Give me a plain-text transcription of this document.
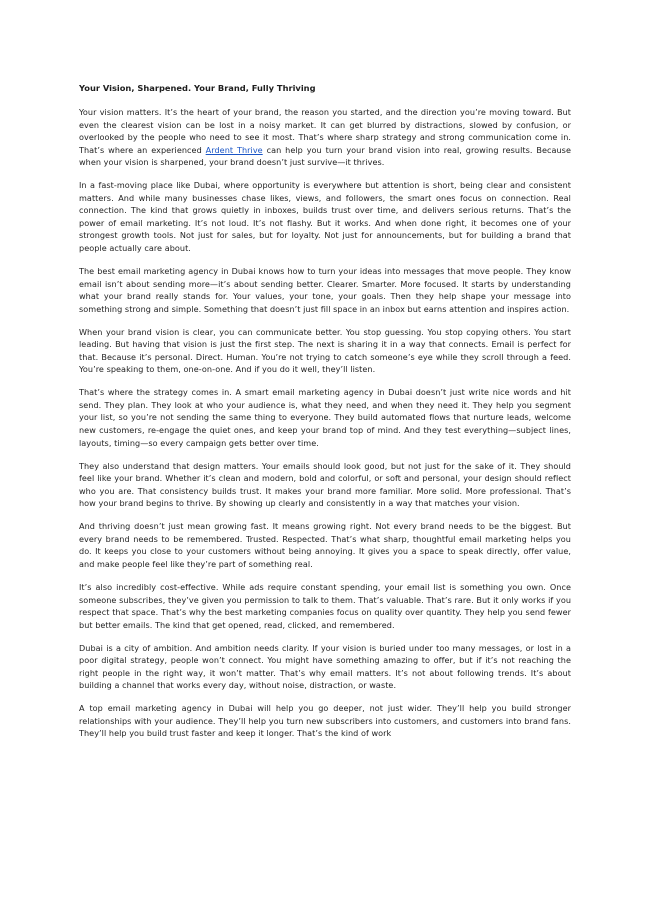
Your Vision, Sharpened. Your Brand, Fully Thriving

Your vision matters. It’s the heart of your brand, the reason you started, and the direction you’re moving toward. But even the clearest vision can be lost in a noisy market. It can get blurred by distractions, slowed by confusion, or overlooked by the people who need to see it most. That’s where sharp strategy and strong communication come in. That’s where an experienced Ardent Thrive can help you turn your brand vision into real, growing results. Because when your vision is sharpened, your brand doesn’t just survive—it thrives.

In a fast-moving place like Dubai, where opportunity is everywhere but attention is short, being clear and consistent matters. And while many businesses chase likes, views, and followers, the smart ones focus on connection. Real connection. The kind that grows quietly in inboxes, builds trust over time, and delivers serious returns. That’s the power of email marketing. It’s not loud. It’s not flashy. But it works. And when done right, it becomes one of your strongest growth tools. Not just for sales, but for loyalty. Not just for announcements, but for building a brand that people actually care about.

The best email marketing agency in Dubai knows how to turn your ideas into messages that move people. They know email isn’t about sending more—it’s about sending better. Clearer. Smarter. More focused. It starts by understanding what your brand really stands for. Your values, your tone, your goals. Then they help shape your message into something strong and simple. Something that doesn’t just fill space in an inbox but earns attention and inspires action.

When your brand vision is clear, you can communicate better. You stop guessing. You stop copying others. You start leading. But having that vision is just the first step. The next is sharing it in a way that connects. Email is perfect for that. Because it’s personal. Direct. Human. You’re not trying to catch someone’s eye while they scroll through a feed. You’re speaking to them, one-on-one. And if you do it well, they’ll listen.

That’s where the strategy comes in. A smart email marketing agency in Dubai doesn’t just write nice words and hit send. They plan. They look at who your audience is, what they need, and when they need it. They help you segment your list, so you’re not sending the same thing to everyone. They build automated flows that nurture leads, welcome new customers, re-engage the quiet ones, and keep your brand top of mind. And they test everything—subject lines, layouts, timing—so every campaign gets better over time.

They also understand that design matters. Your emails should look good, but not just for the sake of it. They should feel like your brand. Whether it’s clean and modern, bold and colorful, or soft and personal, your design should reflect who you are. That consistency builds trust. It makes your brand more familiar. More solid. More professional. That’s how your brand begins to thrive. By showing up clearly and consistently in a way that matches your vision.

And thriving doesn’t just mean growing fast. It means growing right. Not every brand needs to be the biggest. But every brand needs to be remembered. Trusted. Respected. That’s what sharp, thoughtful email marketing helps you do. It keeps you close to your customers without being annoying. It gives you a space to speak directly, offer value, and make people feel like they’re part of something real.

It’s also incredibly cost-effective. While ads require constant spending, your email list is something you own. Once someone subscribes, they’ve given you permission to talk to them. That’s valuable. That’s rare. But it only works if you respect that space. That’s why the best marketing companies focus on quality over quantity. They help you send fewer but better emails. The kind that get opened, read, clicked, and remembered.

Dubai is a city of ambition. And ambition needs clarity. If your vision is buried under too many messages, or lost in a poor digital strategy, people won’t connect. You might have something amazing to offer, but if it’s not reaching the right people in the right way, it won’t matter. That’s why email matters. It’s not about following trends. It’s about building a channel that works every day, without noise, distraction, or waste.

A top email marketing agency in Dubai will help you go deeper, not just wider. They’ll help you build stronger relationships with your audience. They’ll help you turn new subscribers into customers, and customers into brand fans. They’ll help you build trust faster and keep it longer. That’s the kind of work
